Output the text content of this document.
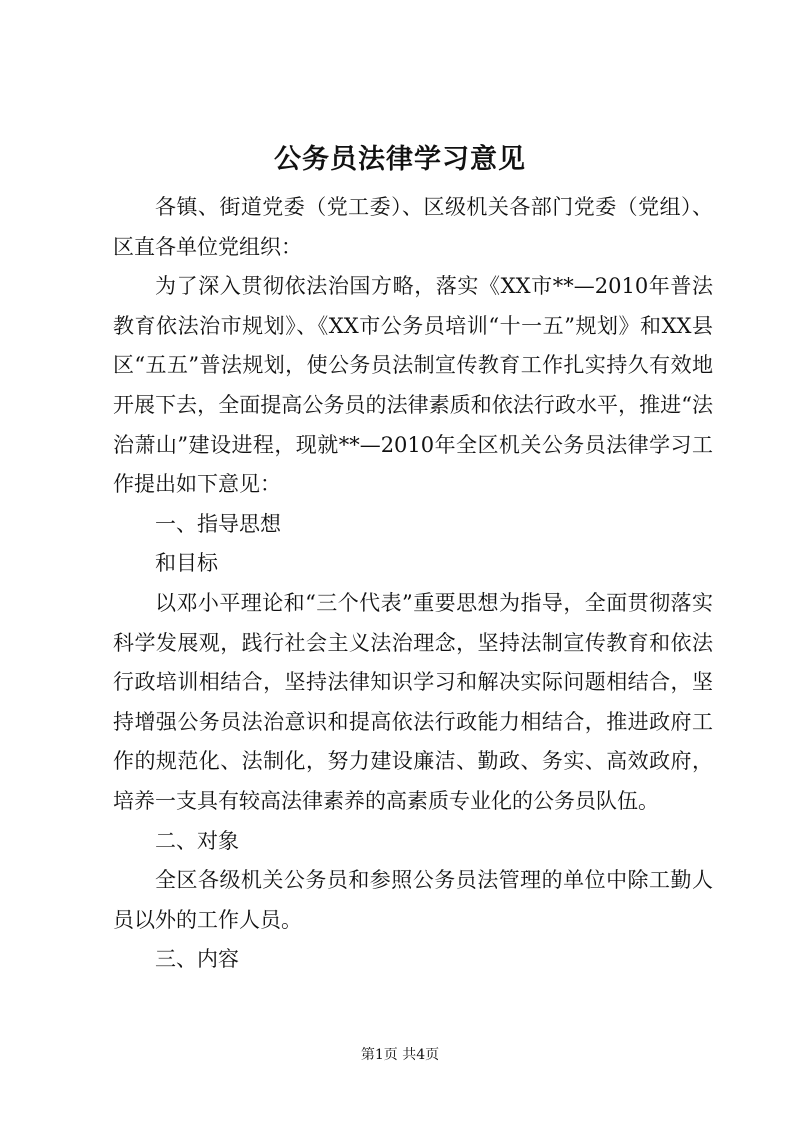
公务员法律学习意见

各镇、街道党委（党工委）、区级机关各部门党委（党组）、区直各单位党组织：

为了深入贯彻依法治国方略，落实《XX市**—2010年普法教育依法治市规划》、《XX市公务员培训“十一五”规划》和XX县区“五五”普法规划，使公务员法制宣传教育工作扎实持久有效地开展下去，全面提高公务员的法律素质和依法行政水平，推进“法治萧山”建设进程，现就**—2010年全区机关公务员法律学习工作提出如下意见：

一、指导思想

和目标

以邓小平理论和“三个代表”重要思想为指导，全面贯彻落实科学发展观，践行社会主义法治理念，坚持法制宣传教育和依法行政培训相结合，坚持法律知识学习和解决实际问题相结合，坚持增强公务员法治意识和提高依法行政能力相结合，推进政府工作的规范化、法制化，努力建设廉洁、勤政、务实、高效政府，培养一支具有较高法律素养的高素质专业化的公务员队伍。

二、对象

全区各级机关公务员和参照公务员法管理的单位中除工勤人员以外的工作人员。

三、内容

第1页 共4页
